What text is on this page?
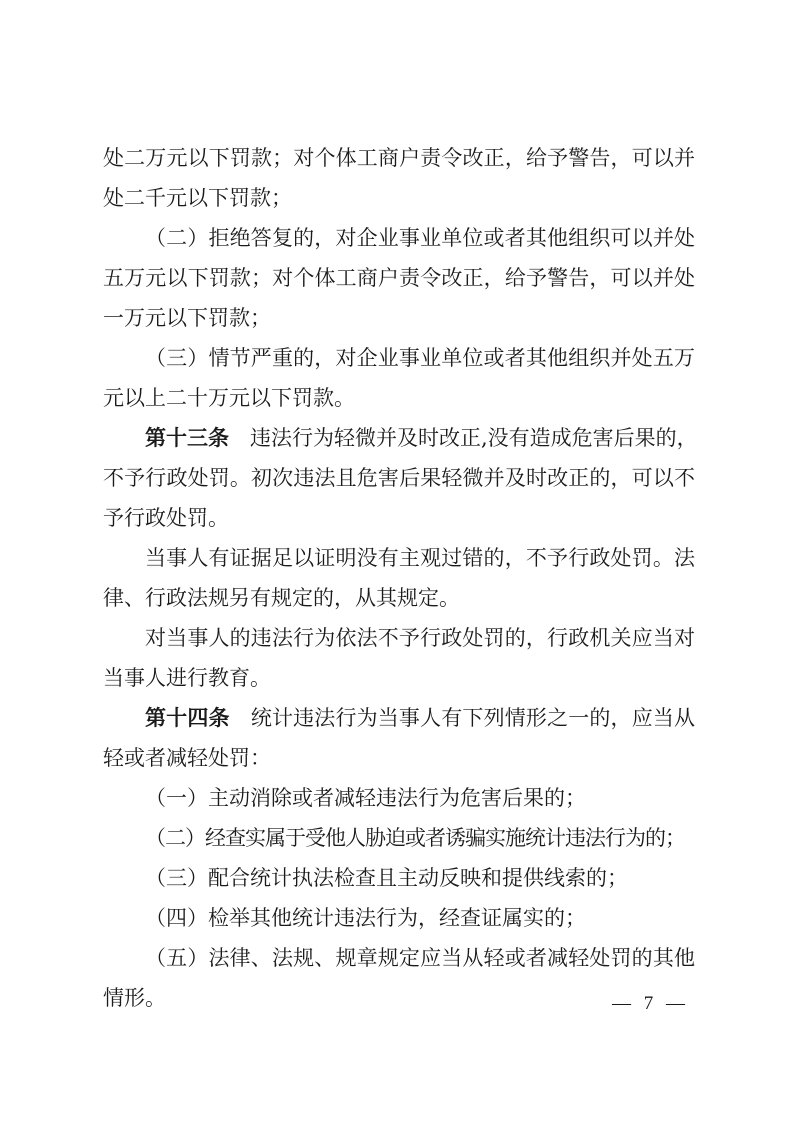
处二万元以下罚款；对个体工商户责令改正，给予警告，可以并
处二千元以下罚款；
（二）拒绝答复的，对企业事业单位或者其他组织可以并处
五万元以下罚款；对个体工商户责令改正，给予警告，可以并处
一万元以下罚款；
（三）情节严重的，对企业事业单位或者其他组织并处五万
元以上二十万元以下罚款。
第十三条　 违法行为轻微并及时改正,没有造成危害后果的，
不予行政处罚。初次违法且危害后果轻微并及时改正的，可以不
予行政处罚。
当事人有证据足以证明没有主观过错的，不予行政处罚。法
律、行政法规另有规定的，从其规定。
对当事人的违法行为依法不予行政处罚的，行政机关应当对
当事人进行教育。
第十四条　 统计违法行为当事人有下列情形之一的，应当从
轻或者减轻处罚：
（一）主动消除或者减轻违法行为危害后果的；
（二）经查实属于受他人胁迫或者诱骗实施统计违法行为的；
（三）配合统计执法检查且主动反映和提供线索的；
（四）检举其他统计违法行为，经查证属实的；
（五）法律、法规、规章规定应当从轻或者减轻处罚的其他
情形。	— 7 —
